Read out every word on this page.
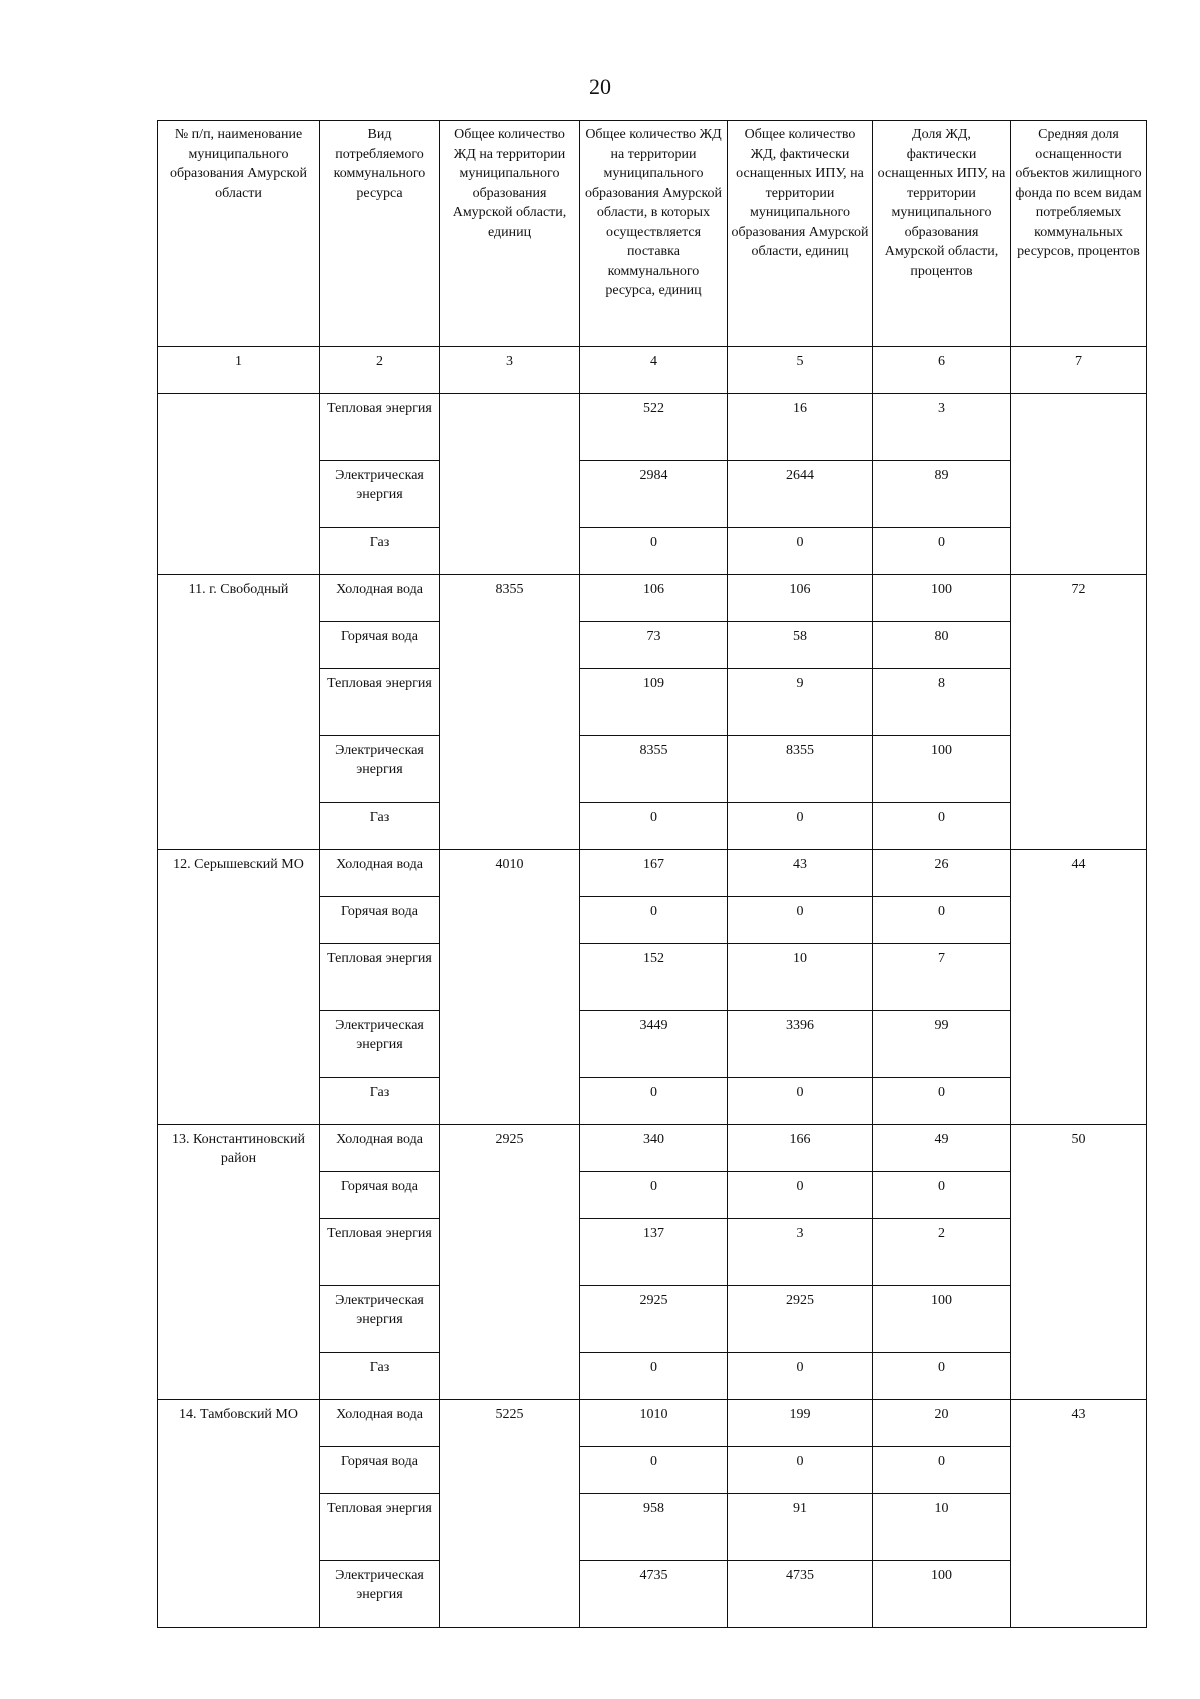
20
№ п/п, наименование муниципального образования Амурской области	Вид потребляемого коммунального ресурса	Общее количество ЖД на территории муниципального образования Амурской области, единиц	Общее количество ЖД на территории муниципального образования Амурской области, в которых осуществляется поставка коммунального ресурса, единиц	Общее количество ЖД, фактически оснащенных ИПУ, на территории муниципального образования Амурской области, единиц	Доля ЖД, фактически оснащенных ИПУ, на территории муниципального образования Амурской области, процентов	Средняя доля оснащенности объектов жилищного фонда по всем видам потребляемых коммунальных ресурсов, процентов
1	2	3	4	5	6	7
	Тепловая энергия		522	16	3	
	Электрическая энергия		2984	2644	89	
	Газ		0	0	0	
11. г. Свободный	Холодная вода	8355	106	106	100	72
	Горячая вода		73	58	80	
	Тепловая энергия		109	9	8	
	Электрическая энергия		8355	8355	100	
	Газ		0	0	0	
12. Серышевский МО	Холодная вода	4010	167	43	26	44
	Горячая вода		0	0	0	
	Тепловая энергия		152	10	7	
	Электрическая энергия		3449	3396	99	
	Газ		0	0	0	
13. Константиновский район	Холодная вода	2925	340	166	49	50
	Горячая вода		0	0	0	
	Тепловая энергия		137	3	2	
	Электрическая энергия		2925	2925	100	
	Газ		0	0	0	
14. Тамбовский МО	Холодная вода	5225	1010	199	20	43
	Горячая вода		0	0	0	
	Тепловая энергия		958	91	10	
	Электрическая энергия		4735	4735	100	
